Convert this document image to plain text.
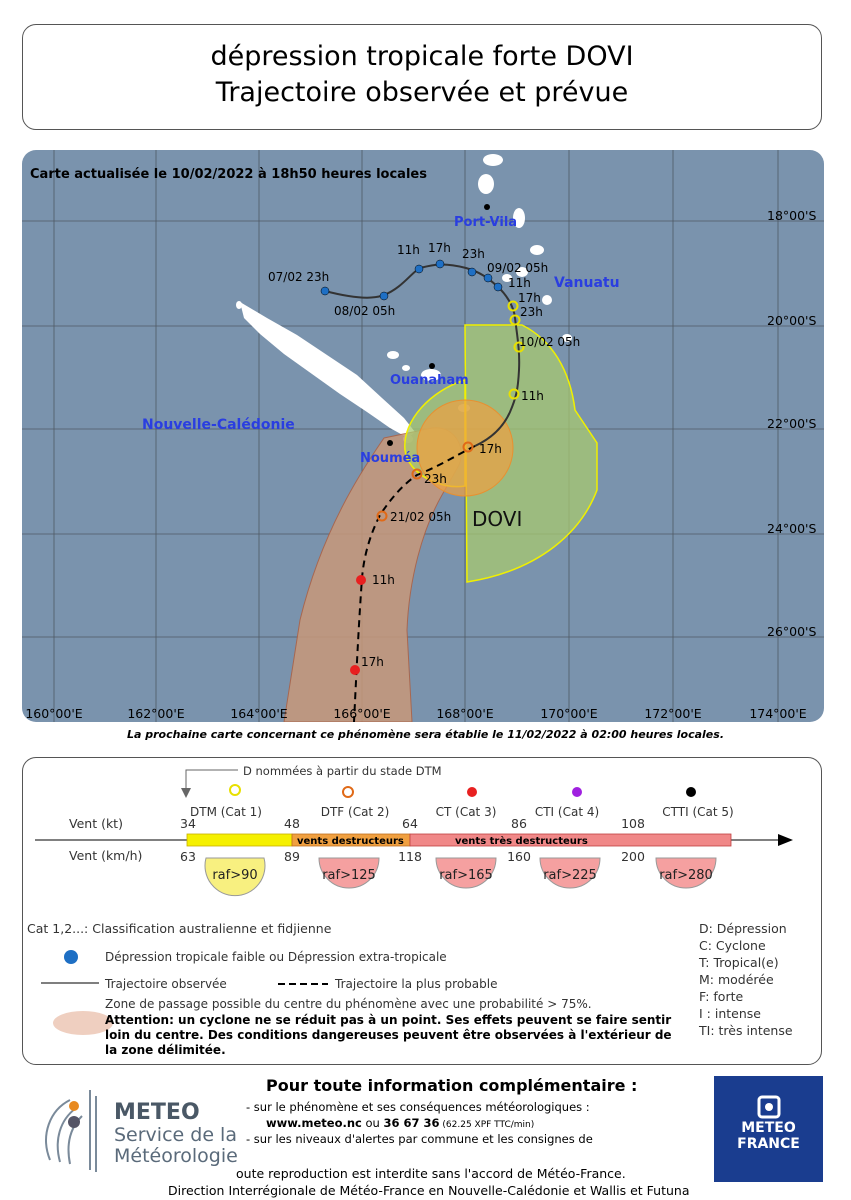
dépression tropicale forte DOVI
Trajectoire observée et prévue
Carte actualisée le 10/02/2022 à 18h50 heures locales
18°00'S
20°00'S
22°00'S
24°00'S
26°00'S
160°00'E	162°00'E	164°00'E	166°00'E	168°00'E	170°00'E	172°00'E	174°00'E
Port-Vila
Vanuatu
Ouanaham
Nouvelle-Calédonie
Nouméa
DOVI
07/02 23h
08/02 05h
11h 17h 23h
09/02 05h
11h
17h
23h
10/02 05h
11h
17h
23h
21/02 05h
11h
17h
La prochaine carte concernant ce phénomène sera établie le 11/02/2022 à 02:00 heures locales.
D nommées à partir du stade DTM
DTM (Cat 1)	DTF (Cat 2)	CT (Cat 3)	CTI (Cat 4)	CTTI (Cat 5)
vents destructeurs	vents très destructeurs
Vent (kt)
Vent (km/h)
34	48	64	86	108
63	89	118	160	200
raf>90	raf>125	raf>165	raf>225	raf>280
Cat 1,2...: Classification australienne et fidjienne
Dépression tropicale faible ou Dépression extra-tropicale
Trajectoire observée	Trajectoire la plus probable
Zone de passage possible du centre du phénomène avec une probabilité > 75%.
Attention: un cyclone ne se réduit pas à un point. Ses effets peuvent se faire sentir
loin du centre. Des conditions dangereuses peuvent être observées à l'extérieur de
la zone délimitée.
D: Dépression
C: Cyclone
T: Tropical(e)
M: modérée
F: forte
I : intense
TI: très intense
METEO
Service de la
Météorologie
Pour toute information complémentaire :
- sur le phénomène et ses conséquences météorologiques :
www.meteo.nc ou 36 67 36 (62.25 XPF TTC/min)
- sur les niveaux d'alertes par commune et les consignes de
oute reproduction est interdite sans l'accord de Météo-France.
Direction Interrégionale de Météo-France en Nouvelle-Calédonie et Wallis et Futuna
METEO
FRANCE
